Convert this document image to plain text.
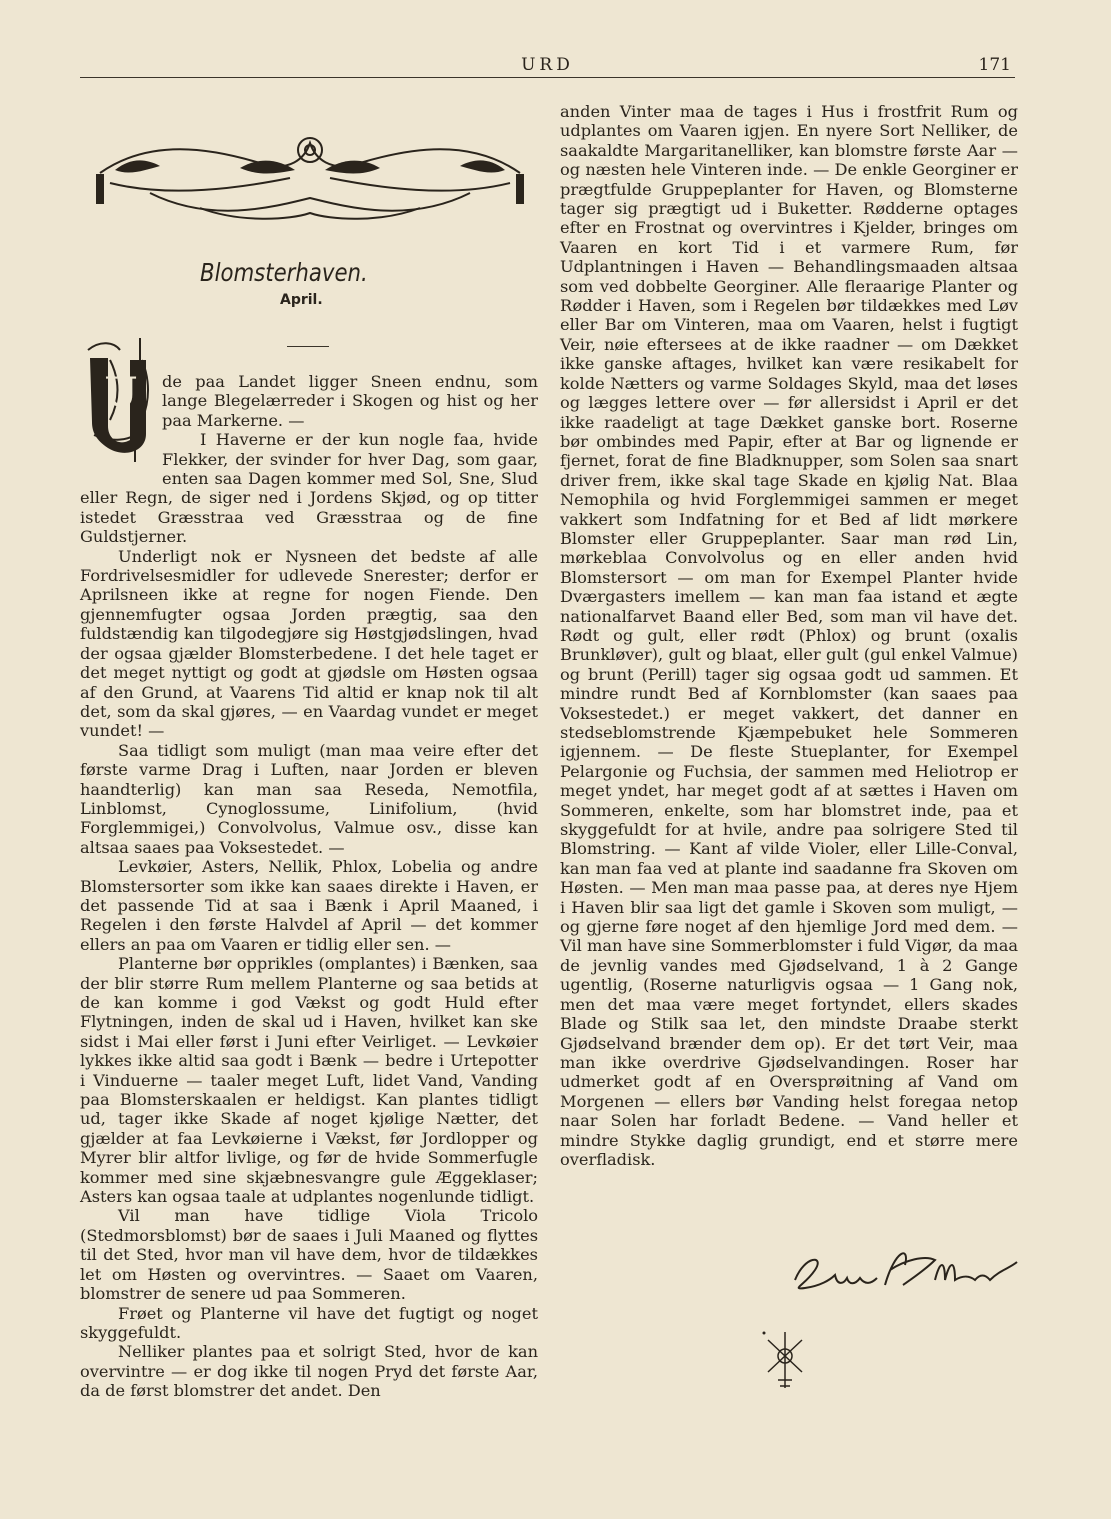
URD	171
Blomsterhaven.
April.
U	de paa Landet ligger Sneen endnu, som lange Blegelærreder i Skogen og hist og her paa Markerne. —

I Haverne er der kun nogle faa, hvide Flekker, der svinder for hver Dag, som gaar, enten saa Dagen kommer med Sol, Sne, Slud eller Regn, de siger ned i Jordens Skjød, og op titter istedet Græsstraa ved Græsstraa og de fine Guldstjerner.

Underligt nok er Nysneen det bedste af alle Fordrivelsesmidler for udlevede Snerester; derfor er Aprilsneen ikke at regne for nogen Fiende. Den gjennemfugter ogsaa Jorden prægtig, saa den fuldstændig kan tilgodegjøre sig Høstgjødslingen, hvad der ogsaa gjælder Blomsterbedene. I det hele taget er det meget nyttigt og godt at gjødsle om Høsten ogsaa af den Grund, at Vaarens Tid altid er knap nok til alt det, som da skal gjøres, — en Vaardag vundet er meget vundet! —

Saa tidligt som muligt (man maa veire efter det første varme Drag i Luften, naar Jorden er bleven haandterlig) kan man saa Reseda, Nemotfila, Linblomst, Cynoglossume, Linifolium, (hvid Forglemmigei,) Convolvolus, Valmue osv., disse kan altsaa saaes paa Voksestedet. —

Levkøier, Asters, Nellik, Phlox, Lobelia og andre Blomstersorter som ikke kan saaes direkte i Haven, er det passende Tid at saa i Bænk i April Maaned, i Regelen i den første Halvdel af April — det kommer ellers an paa om Vaaren er tidlig eller sen. —

Planterne bør opprikles (omplantes) i Bænken, saa der blir større Rum mellem Planterne og saa betids at de kan komme i god Vækst og godt Huld efter Flytningen, inden de skal ud i Haven, hvilket kan ske sidst i Mai eller først i Juni efter Veirliget. — Levkøier lykkes ikke altid saa godt i Bænk — bedre i Urtepotter i Vinduerne — taaler meget Luft, lidet Vand, Vanding paa Blomsterskaalen er heldigst. Kan plantes tidligt ud, tager ikke Skade af noget kjølige Nætter, det gjælder at faa Levkøierne i Vækst, før Jordlopper og Myrer blir altfor livlige, og før de hvide Sommerfugle kommer med sine skjæbnesvangre gule Æggeklaser; Asters kan ogsaa taale at udplantes nogenlunde tidligt.

Vil man have tidlige Viola Tricolo (Stedmorsblomst) bør de saaes i Juli Maaned og flyttes til det Sted, hvor man vil have dem, hvor de tildækkes let om Høsten og overvintres. — Saaet om Vaaren, blomstrer de senere ud paa Sommeren.

Frøet og Planterne vil have det fugtigt og noget skyggefuldt.

Nelliker plantes paa et solrigt Sted, hvor de kan overvintre — er dog ikke til nogen Pryd det første Aar, da de først blomstrer det andet. Den

anden Vinter maa de tages i Hus i frostfrit Rum og udplantes om Vaaren igjen. En nyere Sort Nelliker, de saakaldte Margaritanelliker, kan blomstre første Aar — og næsten hele Vinteren inde. — De enkle Georginer er prægtfulde Gruppeplanter for Haven, og Blomsterne tager sig prægtigt ud i Buketter. Rødderne optages efter en Frostnat og overvintres i Kjelder, bringes om Vaaren en kort Tid i et varmere Rum, før Udplantningen i Haven — Behandlingsmaaden altsaa som ved dobbelte Georginer. Alle fleraarige Planter og Rødder i Haven, som i Regelen bør tildækkes med Løv eller Bar om Vinteren, maa om Vaaren, helst i fugtigt Veir, nøie eftersees at de ikke raadner — om Dækket ikke ganske aftages, hvilket kan være resikabelt for kolde Nætters og varme Soldages Skyld, maa det løses og lægges lettere over — før allersidst i April er det ikke raadeligt at tage Dækket ganske bort. Roserne bør ombindes med Papir, efter at Bar og lignende er fjernet, forat de fine Bladknupper, som Solen saa snart driver frem, ikke skal tage Skade en kjølig Nat. Blaa Nemophila og hvid Forglemmigei sammen er meget vakkert som Indfatning for et Bed af lidt mørkere Blomster eller Gruppeplanter. Saar man rød Lin, mørkeblaa Convolvolus og en eller anden hvid Blomstersort — om man for Exempel Planter hvide Dværgasters imellem — kan man faa istand et ægte nationalfarvet Baand eller Bed, som man vil have det. Rødt og gult, eller rødt (Phlox) og brunt (oxalis Brunkløver), gult og blaat, eller gult (gul enkel Valmue) og brunt (Perill) tager sig ogsaa godt ud sammen. Et mindre rundt Bed af Kornblomster (kan saaes paa Voksestedet.) er meget vakkert, det danner en stedseblomstrende Kjæmpebuket hele Sommeren igjennem. — De fleste Stueplanter, for Exempel Pelargonie og Fuchsia, der sammen med Heliotrop er meget yndet, har meget godt af at sættes i Haven om Sommeren, enkelte, som har blomstret inde, paa et skyggefuldt for at hvile, andre paa solrigere Sted til Blomstring. — Kant af vilde Violer, eller Lille-Conval, kan man faa ved at plante ind saadanne fra Skoven om Høsten. — Men man maa passe paa, at deres nye Hjem i Haven blir saa ligt det gamle i Skoven som muligt, — og gjerne føre noget af den hjemlige Jord med dem. — Vil man have sine Sommerblomster i fuld Vigør, da maa de jevnlig vandes med Gjødselvand, 1 à 2 Gange ugentlig, (Roserne naturligvis ogsaa — 1 Gang nok, men det maa være meget fortyndet, ellers skades Blade og Stilk saa let, den mindste Draabe sterkt Gjødselvand brænder dem op). Er det tørt Veir, maa man ikke overdrive Gjødselvandingen. Roser har udmerket godt af en Oversprøitning af Vand om Morgenen — ellers bør Vanding helst foregaa netop naar Solen har forladt Bedene. — Vand heller et mindre Stykke daglig grundigt, end et større mere overfladisk.

Elise Kielland
